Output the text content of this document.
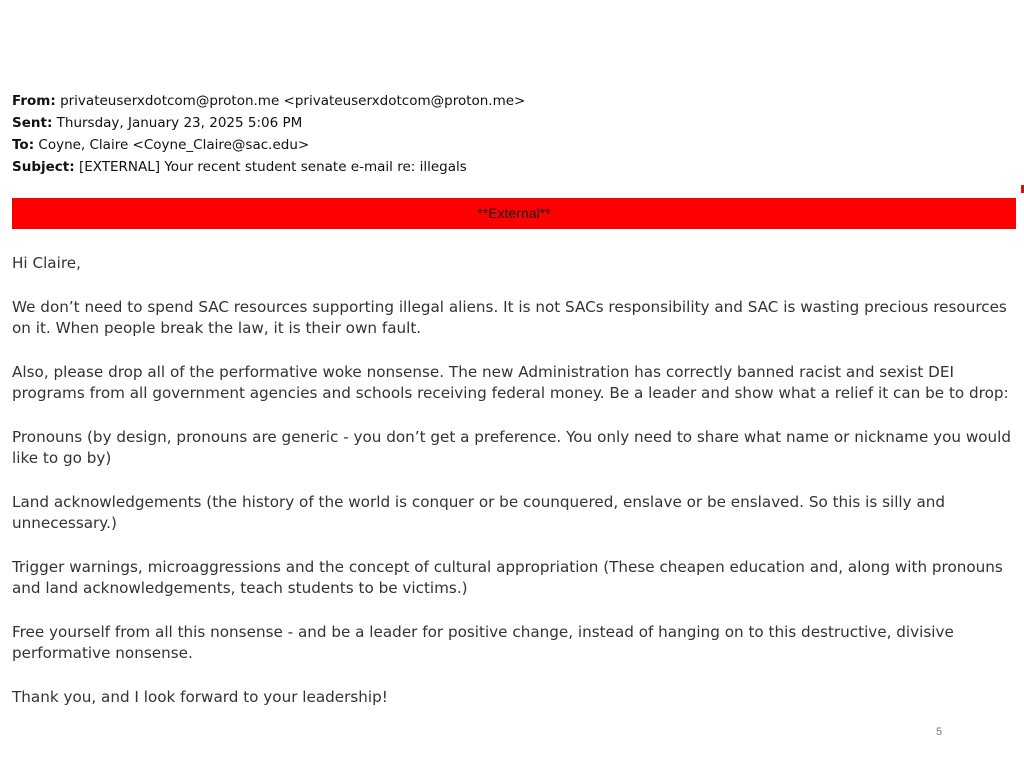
From: privateuserxdotcom@proton.me <privateuserxdotcom@proton.me>
Sent: Thursday, January 23, 2025 5:06 PM
To: Coyne, Claire <Coyne_Claire@sac.edu>
Subject: [EXTERNAL] Your recent student senate e-mail re: illegals
**External**

Hi Claire,

We don’t need to spend SAC resources supporting illegal aliens. It is not SACs responsibility and SAC is wasting precious resources on it. When people break the law, it is their own fault.

Also, please drop all of the performative woke nonsense. The new Administration has correctly banned racist and sexist DEI programs from all government agencies and schools receiving federal money. Be a leader and show what a relief it can be to drop:

Pronouns (by design, pronouns are generic - you don’t get a preference. You only need to share what name or nickname you would like to go by)

Land acknowledgements (the history of the world is conquer or be counquered, enslave or be enslaved. So this is silly and unnecessary.)

Trigger warnings, microaggressions and the concept of cultural appropriation (These cheapen education and, along with pronouns and land acknowledgements, teach students to be victims.)

Free yourself from all this nonsense - and be a leader for positive change, instead of hanging on to this destructive, divisive performative nonsense.

Thank you, and I look forward to your leadership!

5
